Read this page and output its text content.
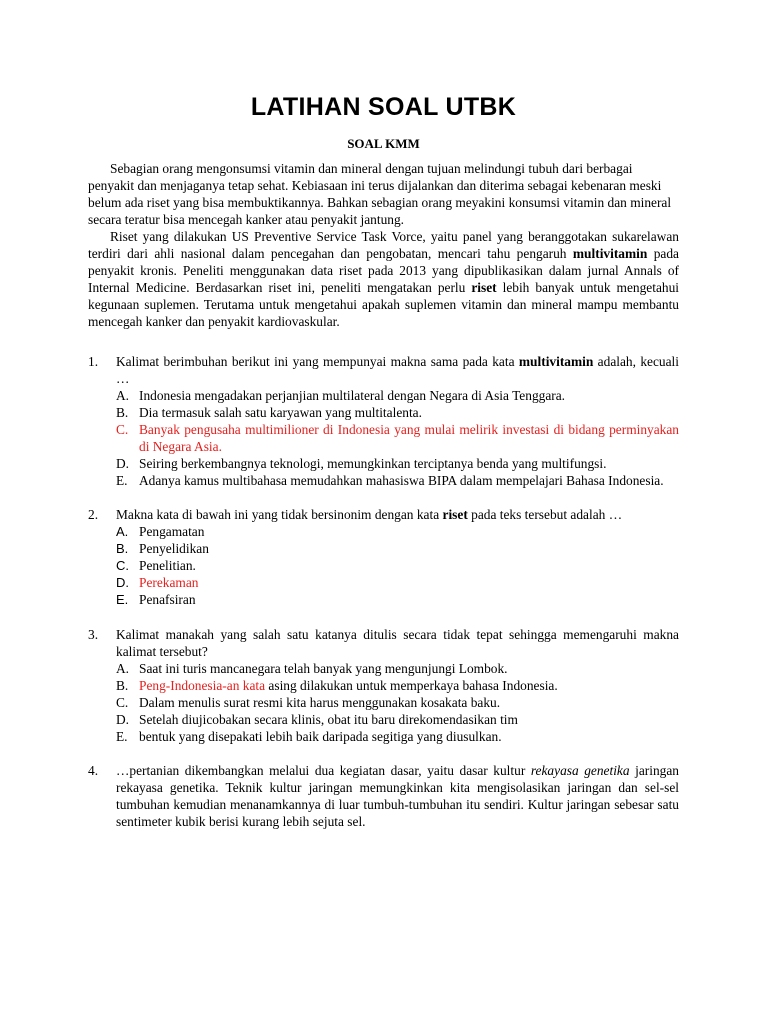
LATIHAN SOAL UTBK
SOAL KMM

Sebagian orang mengonsumsi vitamin dan mineral dengan tujuan melindungi tubuh dari berbagai penyakit dan menjaganya tetap sehat. Kebiasaan ini terus dijalankan dan diterima sebagai kebenaran meski belum ada riset yang bisa membuktikannya. Bahkan sebagian orang meyakini konsumsi vitamin dan mineral secara teratur bisa mencegah kanker atau penyakit jantung.

Riset yang dilakukan US Preventive Service Task Vorce, yaitu panel yang beranggotakan sukarelawan terdiri dari ahli nasional dalam pencegahan dan pengobatan, mencari tahu pengaruh multivitamin pada penyakit kronis. Peneliti menggunakan data riset pada 2013 yang dipublikasikan dalam jurnal Annals of Internal Medicine. Berdasarkan riset ini, peneliti mengatakan perlu riset lebih banyak untuk mengetahui kegunaan suplemen. Terutama untuk mengetahui apakah suplemen vitamin dan mineral mampu membantu mencegah kanker dan penyakit kardiovaskular.

1. Kalimat berimbuhan berikut ini yang mempunyai makna sama pada kata multivitamin adalah, kecuali …
A. Indonesia mengadakan perjanjian multilateral dengan Negara di Asia Tenggara.
B. Dia termasuk salah satu karyawan yang multitalenta.
C. Banyak pengusaha multimilioner di Indonesia yang mulai melirik investasi di bidang perminyakan di Negara Asia.
D. Seiring berkembangnya teknologi, memungkinkan terciptanya benda yang multifungsi.
E. Adanya kamus multibahasa memudahkan mahasiswa BIPA dalam mempelajari Bahasa Indonesia.
2. Makna kata di bawah ini yang tidak bersinonim dengan kata riset pada teks tersebut adalah …
A. Pengamatan
B. Penyelidikan
C. Penelitian.
D. Perekaman
E. Penafsiran
3. Kalimat manakah yang salah satu katanya ditulis secara tidak tepat sehingga memengaruhi makna kalimat tersebut?
A. Saat ini turis mancanegara telah banyak yang mengunjungi Lombok.
B. Peng-Indonesia-an kata asing dilakukan untuk memperkaya bahasa Indonesia.
C. Dalam menulis surat resmi kita harus menggunakan kosakata baku.
D. Setelah diujicobakan secara klinis, obat itu baru direkomendasikan tim
E. bentuk yang disepakati lebih baik daripada segitiga yang diusulkan.
4. …pertanian dikembangkan melalui dua kegiatan dasar, yaitu dasar kultur rekayasa genetika jaringan rekayasa genetika. Teknik kultur jaringan memungkinkan kita mengisolasikan jaringan dan sel-sel tumbuhan kemudian menanamkannya di luar tumbuh-tumbuhan itu sendiri. Kultur jaringan sebesar satu sentimeter kubik berisi kurang lebih sejuta sel.
